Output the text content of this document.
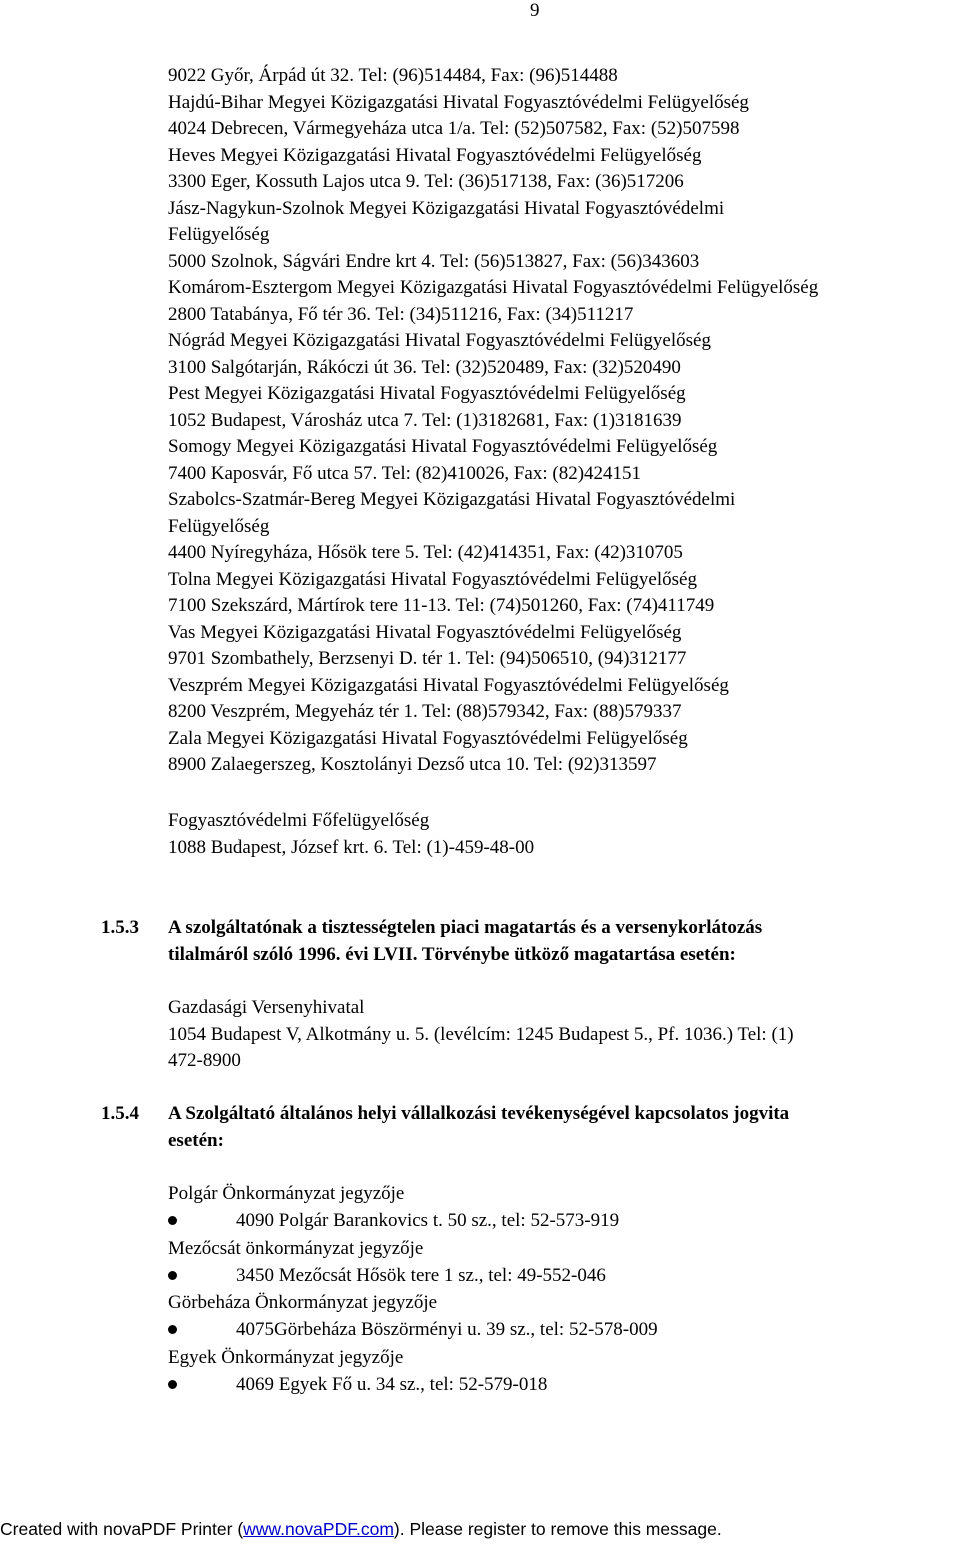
9
9022 Győr, Árpád út 32. Tel: (96)514484, Fax: (96)514488
Hajdú-Bihar Megyei Közigazgatási Hivatal Fogyasztóvédelmi Felügyelőség
4024 Debrecen, Vármegyeháza utca 1/a. Tel: (52)507582, Fax: (52)507598
Heves Megyei Közigazgatási Hivatal Fogyasztóvédelmi Felügyelőség
3300 Eger, Kossuth Lajos utca 9. Tel: (36)517138, Fax: (36)517206
Jász-Nagykun-Szolnok Megyei Közigazgatási Hivatal Fogyasztóvédelmi
Felügyelőség
5000 Szolnok, Ságvári Endre krt 4. Tel: (56)513827, Fax: (56)343603
Komárom-Esztergom Megyei Közigazgatási Hivatal Fogyasztóvédelmi Felügyelőség
2800 Tatabánya, Fő tér 36. Tel: (34)511216, Fax: (34)511217
Nógrád Megyei Közigazgatási Hivatal Fogyasztóvédelmi Felügyelőség
3100 Salgótarján, Rákóczi út 36. Tel: (32)520489, Fax: (32)520490
Pest Megyei Közigazgatási Hivatal Fogyasztóvédelmi Felügyelőség
1052 Budapest, Városház utca 7. Tel: (1)3182681, Fax: (1)3181639
Somogy Megyei Közigazgatási Hivatal Fogyasztóvédelmi Felügyelőség
7400 Kaposvár, Fő utca 57. Tel: (82)410026, Fax: (82)424151
Szabolcs-Szatmár-Bereg Megyei Közigazgatási Hivatal Fogyasztóvédelmi
Felügyelőség
4400 Nyíregyháza, Hősök tere 5. Tel: (42)414351, Fax: (42)310705
Tolna Megyei Közigazgatási Hivatal Fogyasztóvédelmi Felügyelőség
7100 Szekszárd, Mártírok tere 11-13. Tel: (74)501260, Fax: (74)411749
Vas Megyei Közigazgatási Hivatal Fogyasztóvédelmi Felügyelőség
9701 Szombathely, Berzsenyi D. tér 1. Tel: (94)506510, (94)312177
Veszprém Megyei Közigazgatási Hivatal Fogyasztóvédelmi Felügyelőség
8200 Veszprém, Megyeház tér 1. Tel: (88)579342, Fax: (88)579337
Zala Megyei Közigazgatási Hivatal Fogyasztóvédelmi Felügyelőség
8900 Zalaegerszeg, Kosztolányi Dezső utca 10. Tel: (92)313597
Fogyasztóvédelmi Főfelügyelőség
1088 Budapest, József krt. 6. Tel: (1)-459-48-00
1.5.3 A szolgáltatónak a tisztességtelen piaci magatartás és a versenykorlátozás
tilalmáról szóló 1996. évi LVII. Törvénybe ütköző magatartása esetén:
Gazdasági Versenyhivatal
1054 Budapest V, Alkotmány u. 5. (levélcím: 1245 Budapest 5., Pf. 1036.) Tel: (1)
472-8900
1.5.4 A Szolgáltató általános helyi vállalkozási tevékenységével kapcsolatos jogvita
esetén:
Polgár Önkormányzat jegyzője
4090 Polgár Barankovics t. 50 sz., tel: 52-573-919
Mezőcsát önkormányzat jegyzője
3450 Mezőcsát Hősök tere 1 sz., tel: 49-552-046
Görbeháza Önkormányzat jegyzője
4075Görbeháza Böszörményi u. 39 sz., tel: 52-578-009
Egyek Önkormányzat jegyzője
4069 Egyek Fő u. 34 sz., tel: 52-579-018
Created with novaPDF Printer (www.novaPDF.com). Please register to remove this message.
